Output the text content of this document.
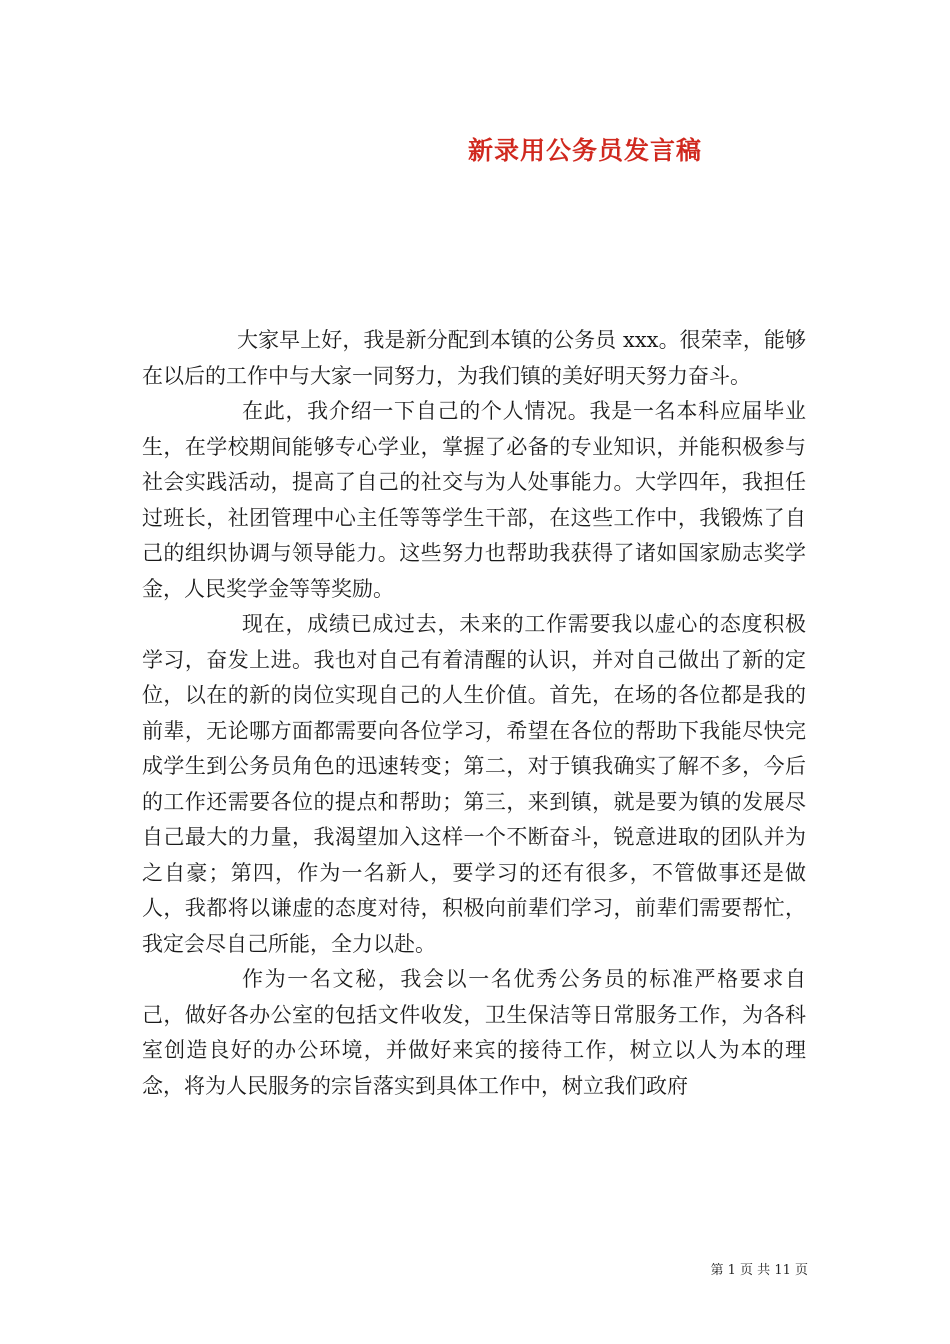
新录用公务员发言稿

大家早上好，我是新分配到本镇的公务员 xxx。很荣幸，能够在以后的工作中与大家一同努力，为我们镇的美好明天努力奋斗。

在此，我介绍一下自己的个人情况。我是一名本科应届毕业生，在学校期间能够专心学业，掌握了必备的专业知识，并能积极参与社会实践活动，提高了自己的社交与为人处事能力。大学四年，我担任过班长，社团管理中心主任等等学生干部，在这些工作中，我锻炼了自己的组织协调与领导能力。这些努力也帮助我获得了诸如国家励志奖学金，人民奖学金等等奖励。

现在，成绩已成过去，未来的工作需要我以虚心的态度积极学习，奋发上进。我也对自己有着清醒的认识，并对自己做出了新的定位，以在的新的岗位实现自己的人生价值。首先，在场的各位都是我的前辈，无论哪方面都需要向各位学习，希望在各位的帮助下我能尽快完成学生到公务员角色的迅速转变；第二，对于镇我确实了解不多，今后的工作还需要各位的提点和帮助；第三，来到镇，就是要为镇的发展尽自己最大的力量，我渴望加入这样一个不断奋斗，锐意进取的团队并为之自豪；第四，作为一名新人，要学习的还有很多，不管做事还是做人，我都将以谦虚的态度对待，积极向前辈们学习，前辈们需要帮忙，我定会尽自己所能，全力以赴。

作为一名文秘，我会以一名优秀公务员的标准严格要求自己，做好各办公室的包括文件收发，卫生保洁等日常服务工作，为各科室创造良好的办公环境，并做好来宾的接待工作，树立以人为本的理念，将为人民服务的宗旨落实到具体工作中，树立我们政府

第 1 页 共 11 页
